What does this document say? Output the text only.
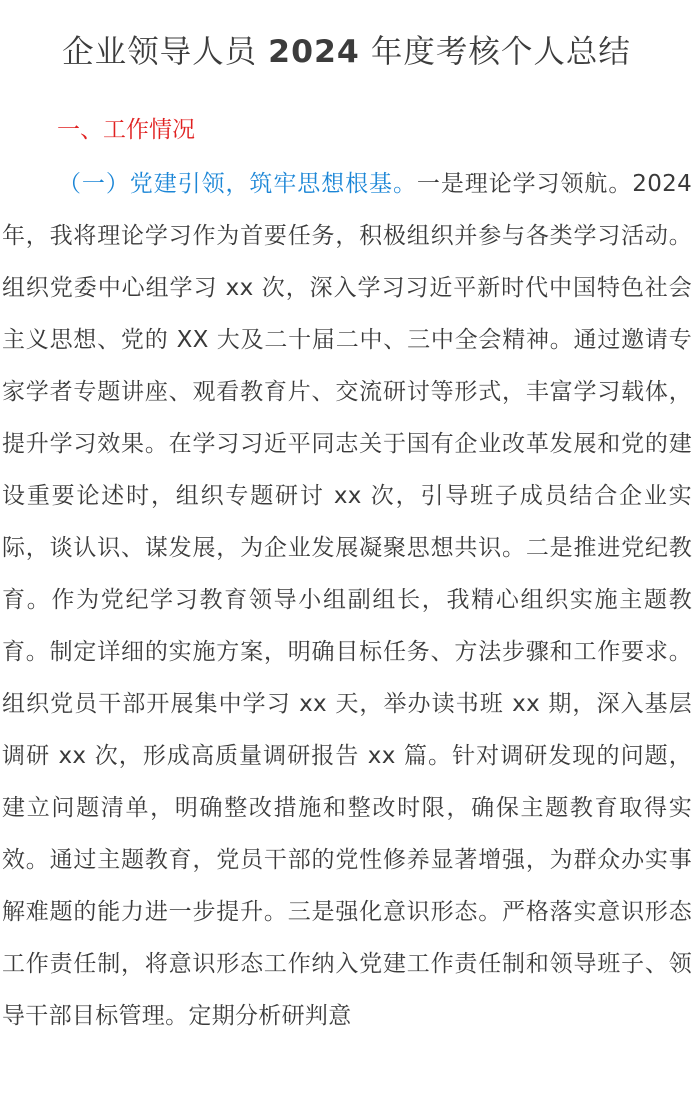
企业领导人员 2024 年度考核个人总结
一、工作情况

（一）党建引领，筑牢思想根基。一是理论学习领航。2024 年，我将理论学习作为首要任务，积极组织并参与各类学习活动。组织党委中心组学习 xx 次，深入学习习近平新时代中国特色社会主义思想、党的 XX 大及二十届二中、三中全会精神。通过邀请专家学者专题讲座、观看教育片、交流研讨等形式，丰富学习载体，提升学习效果。在学习习近平同志关于国有企业改革发展和党的建设重要论述时，组织专题研讨 xx 次，引导班子成员结合企业实际，谈认识、谋发展，为企业发展凝聚思想共识。二是推进党纪教育。作为党纪学习教育领导小组副组长，我精心组织实施主题教育。制定详细的实施方案，明确目标任务、方法步骤和工作要求。组织党员干部开展集中学习 xx 天，举办读书班 xx 期，深入基层调研 xx 次，形成高质量调研报告 xx 篇。针对调研发现的问题，建立问题清单，明确整改措施和整改时限，确保主题教育取得实效。通过主题教育，党员干部的党性修养显著增强，为群众办实事解难题的能力进一步提升。三是强化意识形态。严格落实意识形态工作责任制，将意识形态工作纳入党建工作责任制和领导班子、领导干部目标管理。定期分析研判意
